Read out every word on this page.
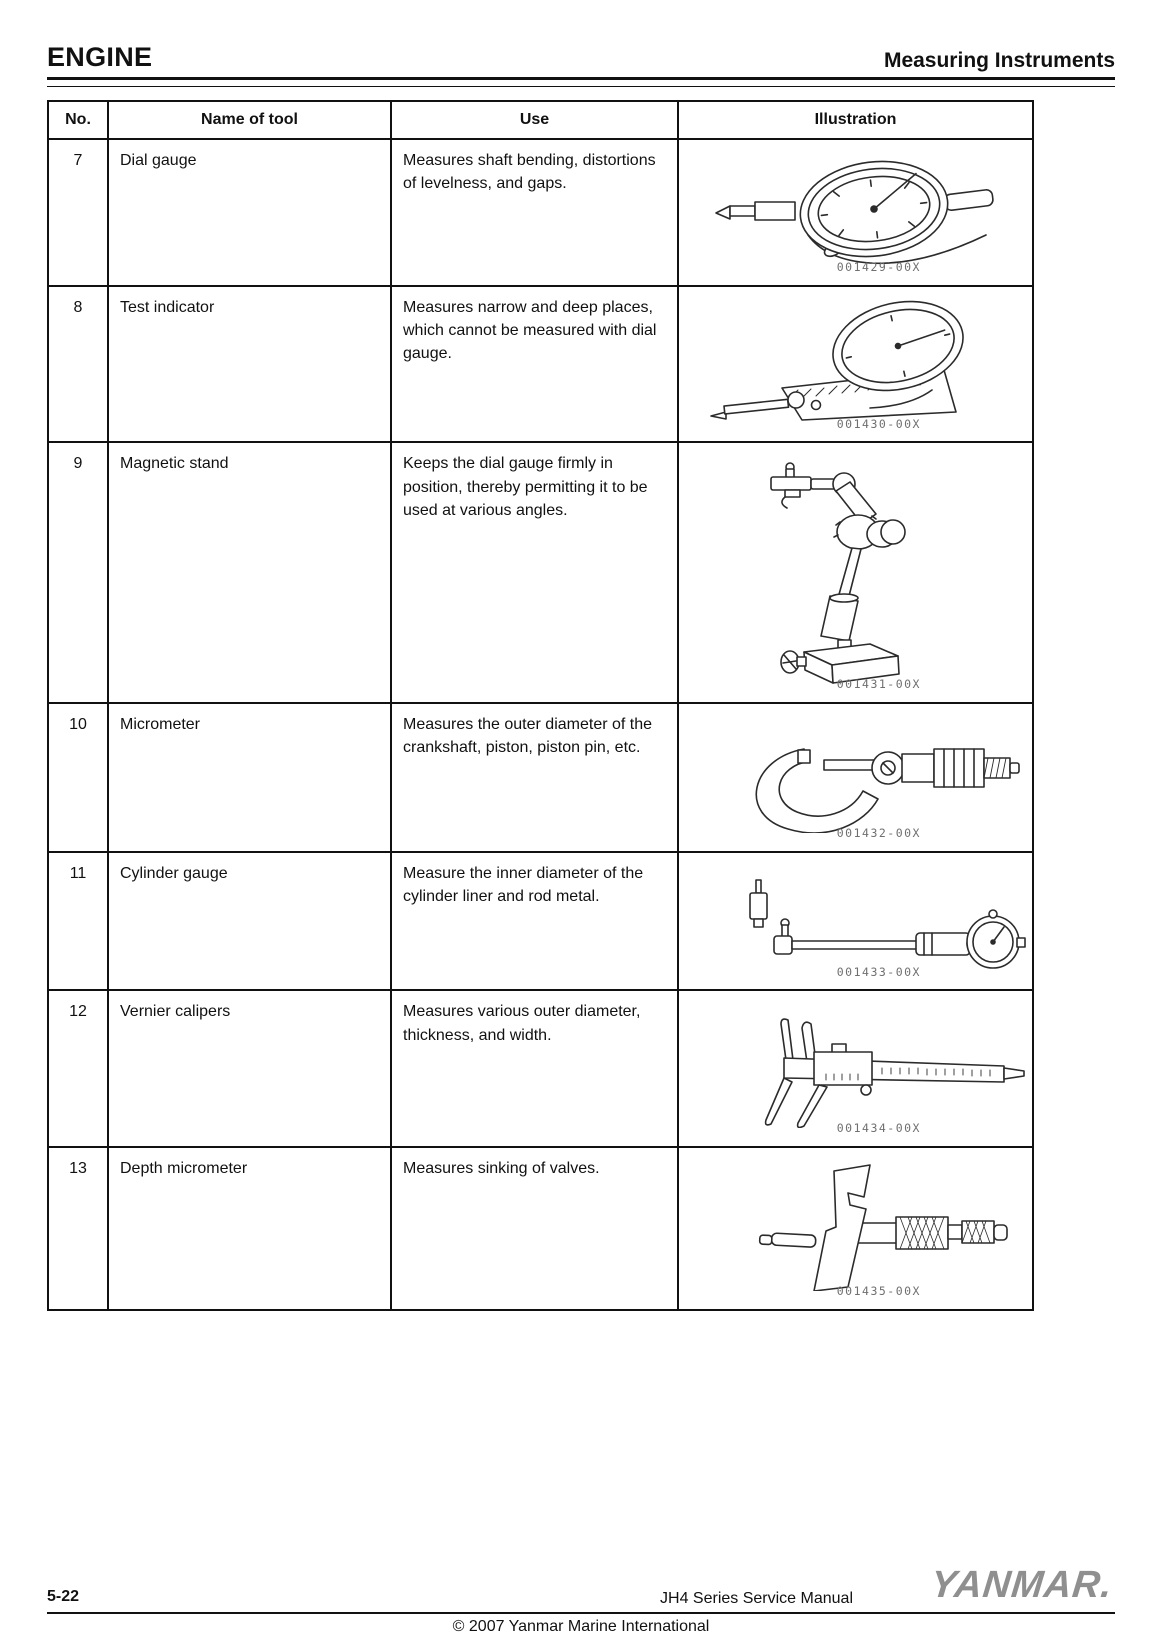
ENGINE	Measuring Instruments
No.	Name of tool	Use	Illustration
7	Dial gauge	Measures shaft bending, distortions of levelness, and gaps.	001429-00X

8	Test indicator	Measures narrow and deep places, which cannot be measured with dial gauge.	001430-00X

9	Magnetic stand	Keeps the dial gauge firmly in position, thereby permitting it to be used at various angles.	001431-00X

10	Micrometer	Measures the outer diameter of the crankshaft, piston, piston pin, etc.	001432-00X

11	Cylinder gauge	Measure the inner diameter of the cylinder liner and rod metal.	001433-00X

12	Vernier calipers	Measures various outer diameter, thickness, and width.	001434-00X

13	Depth micrometer	Measures sinking of valves.	001435-00X
5-22	JH4 Series Service Manual YANMAR.
© 2007 Yanmar Marine International
